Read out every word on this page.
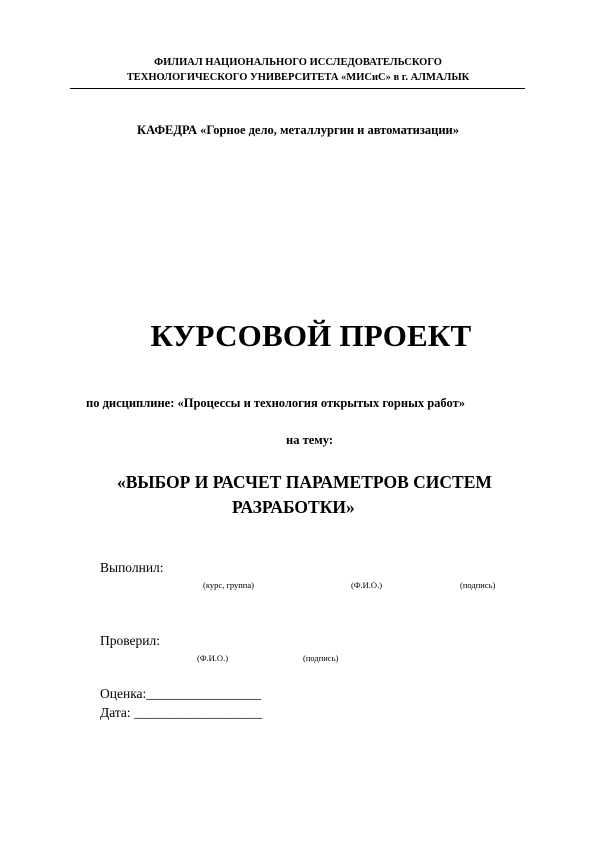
ФИЛИАЛ НАЦИОНАЛЬНОГО ИССЛЕДОВАТЕЛЬСКОГО
ТЕХНОЛОГИЧЕСКОГО УНИВЕРСИТЕТА «МИСиС» в г. АЛМАЛЫК
КАФЕДРА «Горное дело, металлургии и автоматизации»
КУРСОВОЙ ПРОЕКТ
по дисциплине: «Процессы и технология открытых горных работ»
на тему:
«ВЫБОР И РАСЧЕТ ПАРАМЕТРОВ СИСТЕМ
РАЗРАБОТКИ»
Выполнил:
(курс, группа)	(Ф.И.О.)	(подпись)
Проверил:
(Ф.И.О.)	(подпись)
Оценка:_________________
Дата: ___________________
